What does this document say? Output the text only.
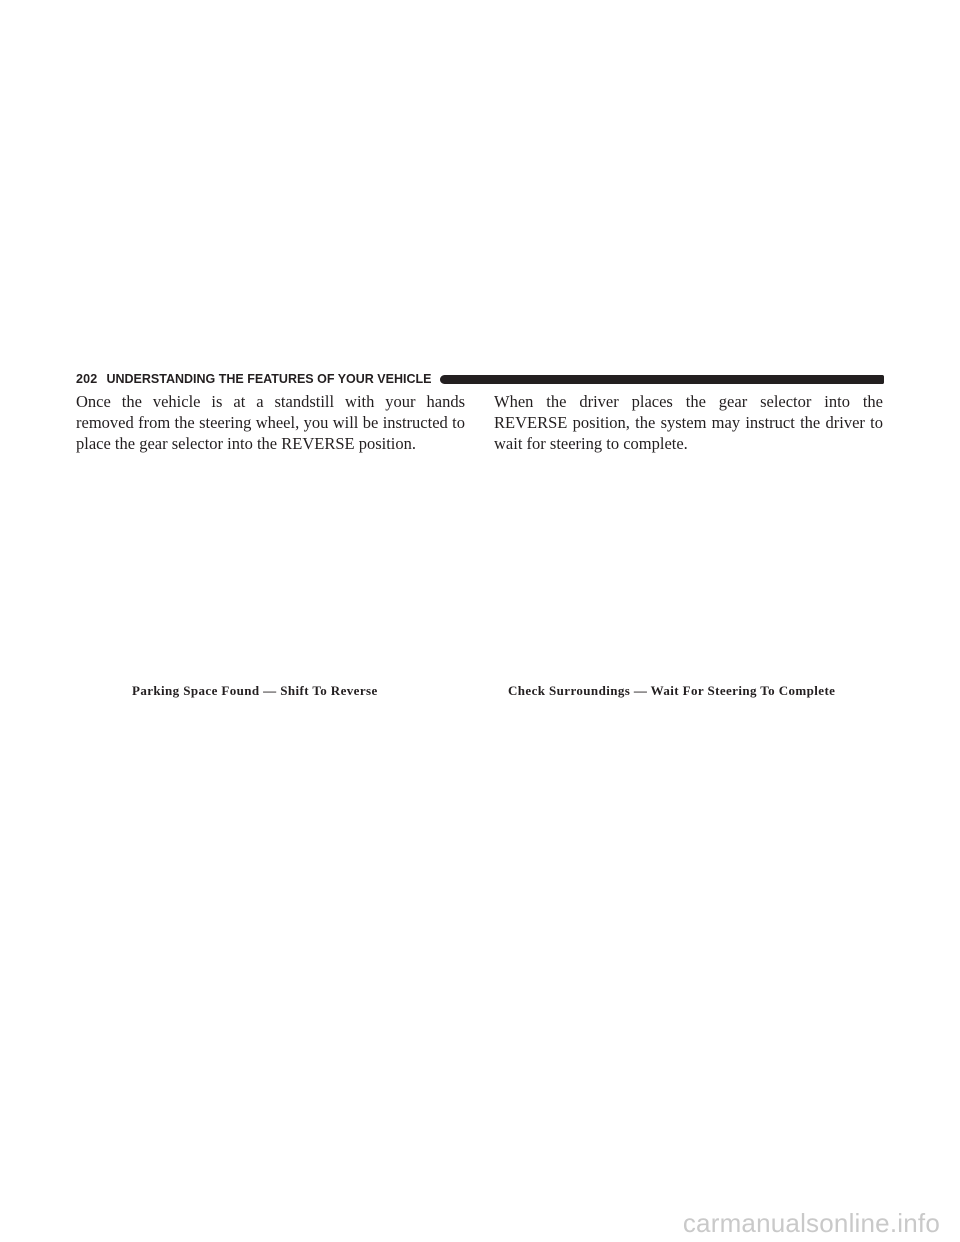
202 UNDERSTANDING THE FEATURES OF YOUR VEHICLE

Once the vehicle is at a standstill with your hands removed from the steering wheel, you will be instructed to place the gear selector into the REVERSE position.

When the driver places the gear selector into the REVERSE position, the system may instruct the driver to wait for steering to complete.

Parking Space Found — Shift To Reverse	Check Surroundings — Wait For Steering To Complete
carmanualsonline.info
